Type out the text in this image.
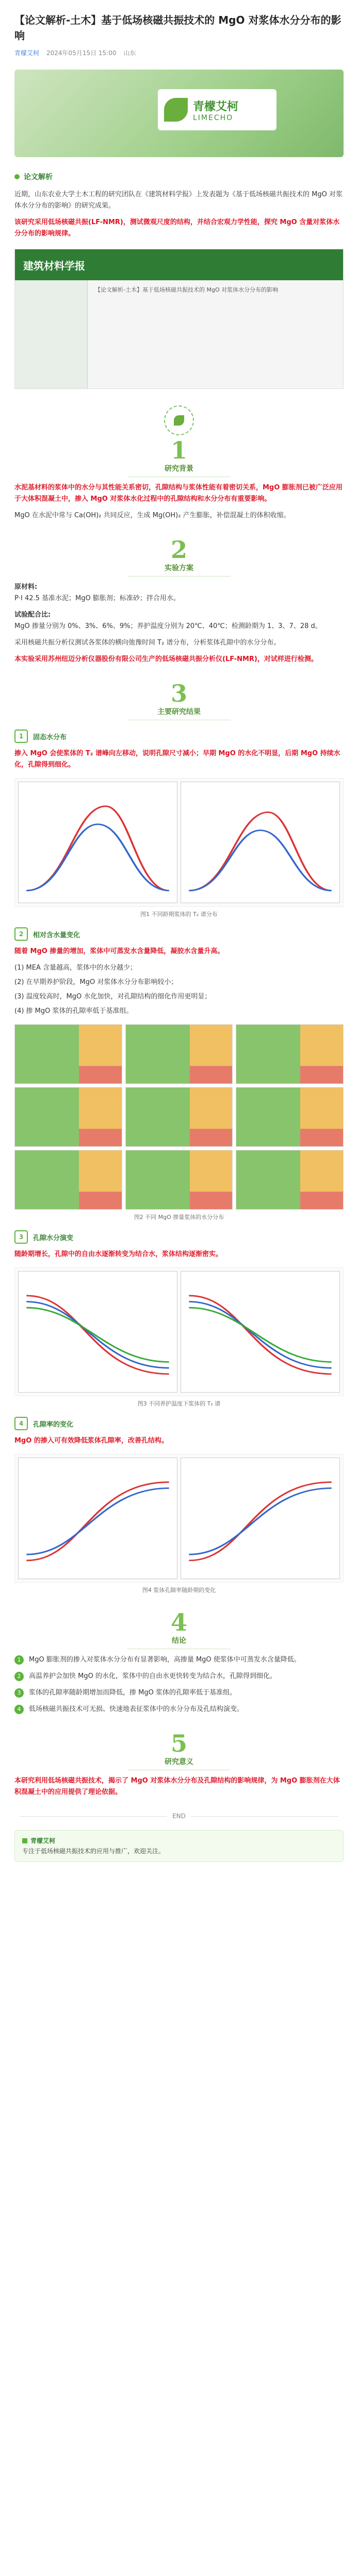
【论文解析-土木】基于低场核磁共振技术的 MgO 对浆体水分分布的影响
青檬艾柯 2024年05月15日 15:00 山东
青檬艾柯
LIMECHO
论文解析
近期，山东农业大学土木工程的研究团队在《建筑材料学报》上发表题为《基于低场核磁共振技术的 MgO 对浆体水分分布的影响》的研究成果。
该研究采用低场核磁共振(LF-NMR)，测试微观尺度的结构，并结合宏观力学性能，探究 MgO 含量对浆体水分分布的影响规律。
建筑材料学报
【论文解析-土木】基于低场核磁共振技术的 MgO 对浆体水分分布的影响
1
研究背景
水泥基材料的浆体中的水分与其性能关系密切，孔隙结构与浆体性能有着密切关系，MgO 膨胀剂已被广泛应用于大体积混凝土中，掺入 MgO 对浆体水化过程中的孔隙结构和水分分布有重要影响。
MgO 在水泥中常与 Ca(OH)₂ 共同反应，生成 Mg(OH)₂ 产生膨胀，补偿混凝土的体积收缩。
2
实验方案
原材料:
P·Ⅰ 42.5 基准水泥；MgO 膨胀剂；标准砂；拌合用水。
试验配合比:
MgO 掺量分别为 0%、3%、6%、9%；养护温度分别为 20℃、40℃；检测龄期为 1、3、7、28 d。
采用核磁共振分析仪测试各浆体的横向弛豫时间 T₂ 谱分布，分析浆体孔隙中的水分分布。
本实验采用苏州纽迈分析仪器股份有限公司生产的低场核磁共振分析仪(LF-NMR)，对试样进行检测。
3
主要研究结果
1	固态水分布
掺入 MgO 会使浆体的 T₂ 谱峰向左移动，说明孔隙尺寸减小；早期 MgO 的水化不明显，后期 MgO 持续水化，孔隙得到细化。
图1 不同龄期浆体的 T₂ 谱分布
2	相对含水量变化
随着 MgO 掺量的增加，浆体中可蒸发水含量降低，凝胶水含量升高。
(1) MEA 含量越高，浆体中的水分越少；
(2) 在早期养护阶段，MgO 对浆体水分分布影响较小；
(3) 温度较高时，MgO 水化加快，对孔隙结构的细化作用更明显；
(4) 掺 MgO 浆体的孔隙率低于基准组。
图2 不同 MgO 掺量浆体的水分分布
3	孔隙水分演变
随龄期增长，孔隙中的自由水逐渐转变为结合水，浆体结构逐渐密实。
图3 不同养护温度下浆体的 T₂ 谱
4	孔隙率的变化
MgO 的掺入可有效降低浆体孔隙率，改善孔结构。
图4 浆体孔隙率随龄期的变化
4
结论
1	MgO 膨胀剂的掺入对浆体水分分布有显著影响，高掺量 MgO 使浆体中可蒸发水含量降低。
2	高温养护会加快 MgO 的水化，浆体中的自由水更快转变为结合水，孔隙得到细化。
3	浆体的孔隙率随龄期增加而降低，掺 MgO 浆体的孔隙率低于基准组。
4	低场核磁共振技术可无损、快速地表征浆体中的水分分布及孔结构演变。
5
研究意义
本研究利用低场核磁共振技术，揭示了 MgO 对浆体水分分布及孔隙结构的影响规律，为 MgO 膨胀剂在大体积混凝土中的应用提供了理论依据。
END
青檬艾柯
专注于低场核磁共振技术的应用与推广，欢迎关注。
